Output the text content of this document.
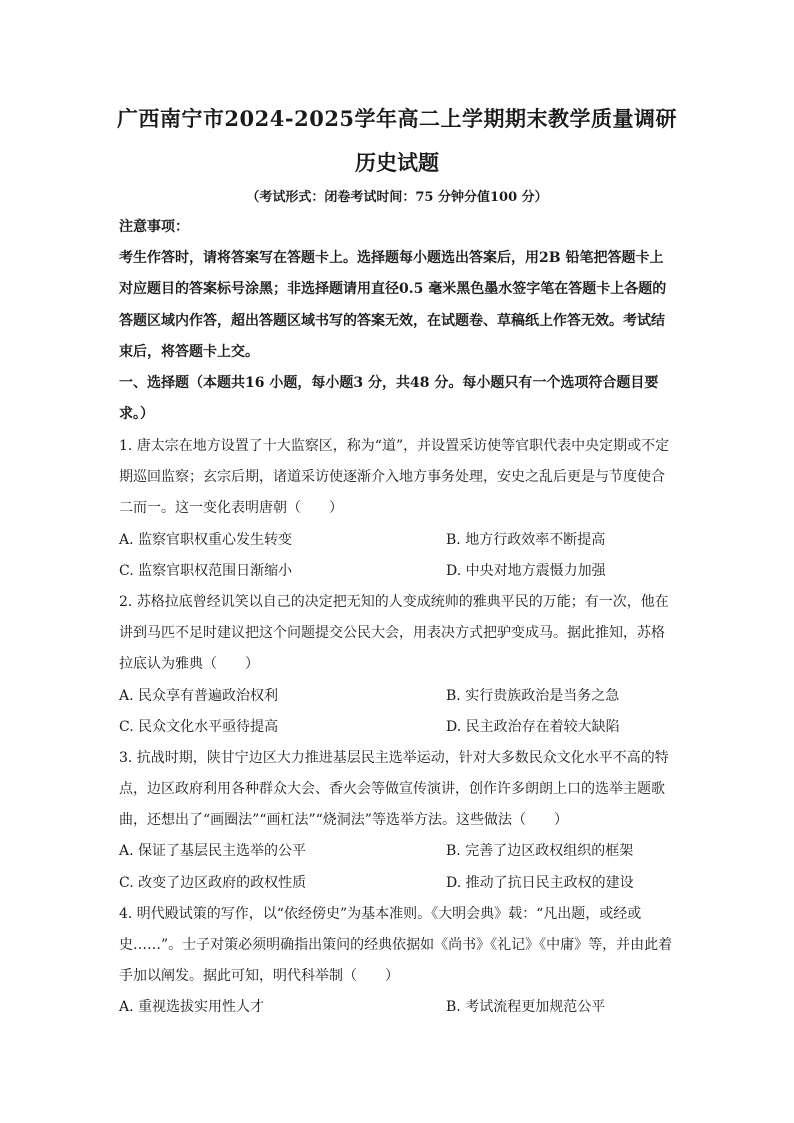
广西南宁市2024-2025学年高二上学期期末教学质量调研
历史试题
（考试形式：闭卷考试时间：75 分钟分值100 分）
注意事项：
考生作答时，请将答案写在答题卡上。选择题每小题选出答案后，用2B 铅笔把答题卡上
对应题目的答案标号涂黑；非选择题请用直径0.5 毫米黑色墨水签字笔在答题卡上各题的
答题区域内作答，超出答题区域书写的答案无效，在试题卷、草稿纸上作答无效。考试结
束后，将答题卡上交。
一、选择题（本题共16 小题，每小题3 分，共48 分。每小题只有一个选项符合题目要
求。）
1. 唐太宗在地方设置了十大监察区，称为“道”，并设置采访使等官职代表中央定期或不定
期巡回监察；玄宗后期，诸道采访使逐渐介入地方事务处理，安史之乱后更是与节度使合
二而一。这一变化表明唐朝（　　）
A. 监察官职权重心发生转变	B. 地方行政效率不断提高
C. 监察官职权范围日渐缩小	D. 中央对地方震慑力加强
2. 苏格拉底曾经讥笑以自己的决定把无知的人变成统帅的雅典平民的万能；有一次，他在
讲到马匹不足时建议把这个问题提交公民大会，用表决方式把驴变成马。据此推知，苏格
拉底认为雅典（　　）
A. 民众享有普遍政治权利	B. 实行贵族政治是当务之急
C. 民众文化水平亟待提高	D. 民主政治存在着较大缺陷
3. 抗战时期，陕甘宁边区大力推进基层民主选举运动，针对大多数民众文化水平不高的特
点，边区政府利用各种群众大会、香火会等做宣传演讲，创作许多朗朗上口的选举主题歌
曲，还想出了“画圈法”“画杠法”“烧洞法”等选举方法。这些做法（　　）
A. 保证了基层民主选举的公平	B. 完善了边区政权组织的框架
C. 改变了边区政府的政权性质	D. 推动了抗日民主政权的建设
4. 明代殿试策的写作，以“依经傍史”为基本准则。《大明会典》载：“凡出题，或经或
史……”。士子对策必须明确指出策问的经典依据如《尚书》《礼记》《中庸》等，并由此着
手加以阐发。据此可知，明代科举制（　　）
A. 重视选拔实用性人才	B. 考试流程更加规范公平
